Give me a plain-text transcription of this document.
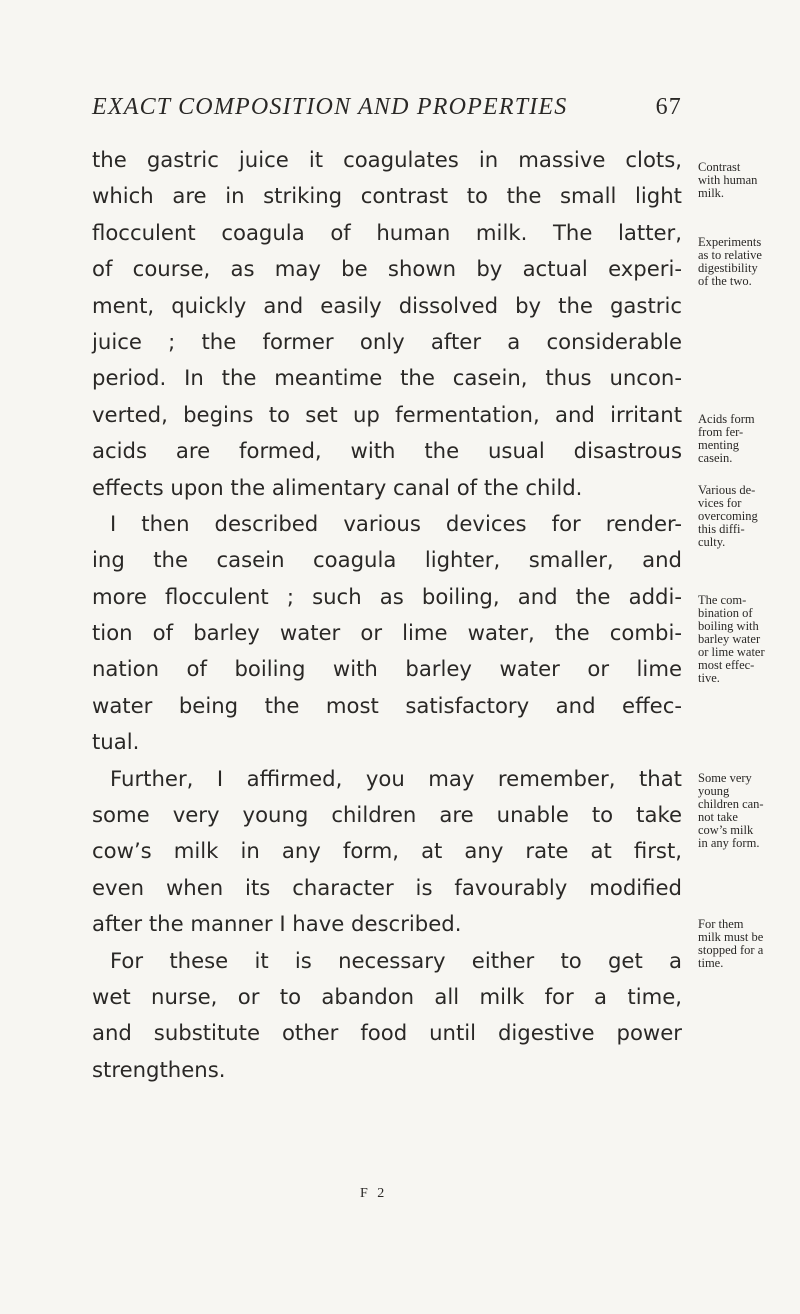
EXACT COMPOSITION AND PROPERTIES	67
the gastric juice it coagulates in massive clots,
which are in striking contrast to the small light
flocculent coagula of human milk. The latter,
of course, as may be shown by actual experi-
ment, quickly and easily dissolved by the gastric
juice ; the former only after a considerable
period. In the meantime the casein, thus uncon-
verted, begins to set up fermentation, and irritant
acids are formed, with the usual disastrous
effects upon the alimentary canal of the child.
I then described various devices for render-
ing the casein coagula lighter, smaller, and
more flocculent ; such as boiling, and the addi-
tion of barley water or lime water, the combi-
nation of boiling with barley water or lime
water being the most satisfactory and effec-
tual.
Further, I affirmed, you may remember, that
some very young children are unable to take
cow’s milk in any form, at any rate at first,
even when its character is favourably modified
after the manner I have described.
For these it is necessary either to get a
wet nurse, or to abandon all milk for a time,
and substitute other food until digestive power
strengthens.
Contrast
with human
milk.
Experiments
as to relative
digestibility
of the two.
Acids form
from fer-
menting
casein.
Various de-
vices for
overcoming
this diffi-
culty.
The com-
bination of
boiling with
barley water
or lime water
most effec-
tive.
Some very
young
children can-
not take
cow’s milk
in any form.
For them
milk must be
stopped for a
time.
F 2
